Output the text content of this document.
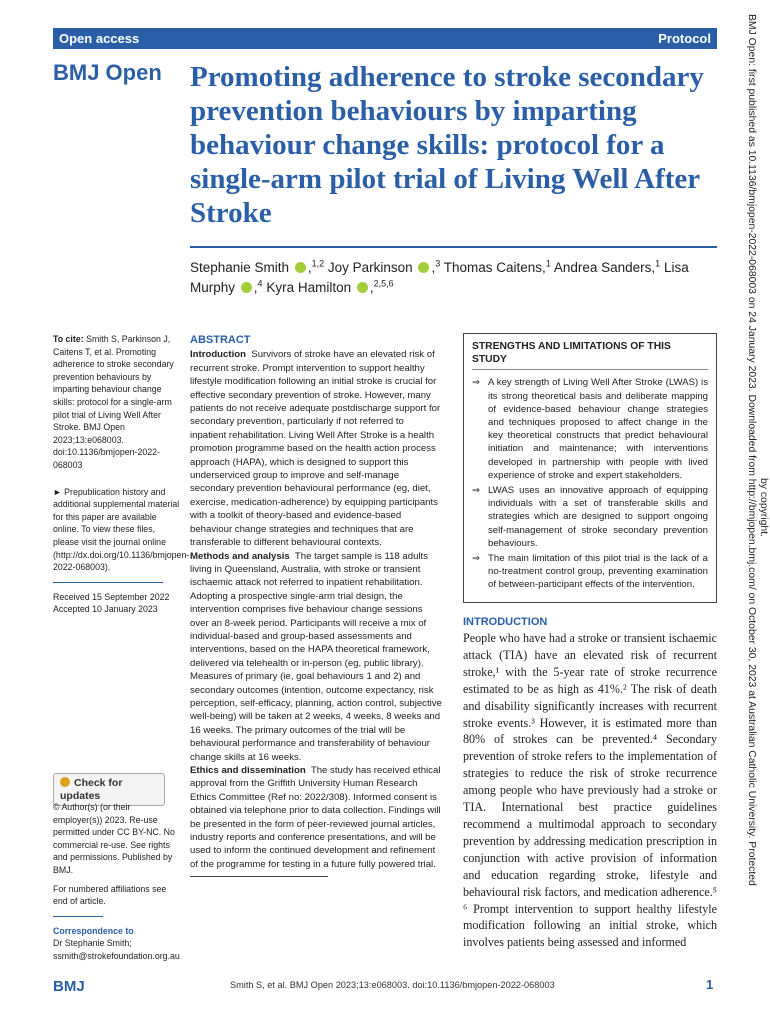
Open access	Protocol
BMJ Open Promoting adherence to stroke secondary prevention behaviours by imparting behaviour change skills: protocol for a single-arm pilot trial of Living Well After Stroke
Stephanie Smith ,$^{1,2}$ Joy Parkinson ,$^3$ Thomas Caitens,$^1$ Andrea Sanders,$^1$ Lisa Murphy ,$^4$ Kyra Hamilton ,$^{2,5,6}$

To cite: Smith S, Parkinson J, Caitens T, et al. Promoting adherence to stroke secondary prevention behaviours by imparting behaviour change skills: protocol for a single-arm pilot trial of Living Well After Stroke. BMJ Open 2023;13:e068003. doi:10.1136/bmjopen-2022-068003

► Prepublication history and additional supplemental material for this paper are available online. To view these files, please visit the journal online (http://dx.doi.org/10.1136/bmjopen-2022-068003).

Received 15 September 2022

Accepted 10 January 2023

Check for updates

© Author(s) (or their employer(s)) 2023. Re-use permitted under CC BY-NC. No commercial re-use. See rights and permissions. Published by BMJ.

For numbered affiliations see end of article.

Correspondence to

Dr Stephanie Smith;

ssmith@strokefoundation.org.au

ABSTRACT

Introduction Survivors of stroke have an elevated risk of recurrent stroke. Prompt intervention to support healthy lifestyle modification following an initial stroke is crucial for effective secondary prevention of stroke. However, many patients do not receive adequate postdischarge support for secondary prevention, particularly if not referred to inpatient rehabilitation. Living Well After Stroke is a health promotion programme based on the health action process approach (HAPA), which is designed to support this underserviced group to improve and self-manage secondary prevention behavioural performance (eg, diet, exercise, medication-adherence) by equipping participants with a toolkit of theory-based and evidence-based behaviour change strategies and techniques that are transferable to different behavioural contexts.

Methods and analysis The target sample is 118 adults living in Queensland, Australia, with stroke or transient ischaemic attack not referred to inpatient rehabilitation. Adopting a prospective single-arm trial design, the intervention comprises five behaviour change sessions over an 8-week period. Participants will receive a mix of individual-based and group-based assessments and interventions, based on the HAPA theoretical framework, delivered via telehealth or in-person (eg, public library). Measures of primary (ie, goal behaviours 1 and 2) and secondary outcomes (intention, outcome expectancy, risk perception, self-efficacy, planning, action control, subjective well-being) will be taken at 2 weeks, 4 weeks, 8 weeks and 16 weeks. The primary outcomes of the trial will be behavioural performance and transferability of behaviour change skills at 16 weeks.

Ethics and dissemination The study has received ethical approval from the Griffith University Human Research Ethics Committee (Ref no: 2022/308). Informed consent is obtained via telephone prior to data collection. Findings will be presented in the form of peer-reviewed journal articles, industry reports and conference presentations, and will be used to inform the continued development and refinement of the programme for testing in a future fully powered trial.

STRENGTHS AND LIMITATIONS OF THIS STUDY
⇒ A key strength of Living Well After Stroke (LWAS) is its strong theoretical basis and deliberate mapping of evidence-based behaviour change strategies and techniques proposed to affect change in the key theoretical constructs that predict behavioural initiation and maintenance; with interventions developed in partnership with people with lived experience of stroke and expert stakeholders.
⇒ LWAS uses an innovative approach of equipping individuals with a set of transferable skills and strategies which are designed to support ongoing self-management of stroke secondary prevention behaviours.
⇒ The main limitation of this pilot trial is the lack of a no-treatment control group, preventing examination of between-participant effects of the intervention.
INTRODUCTION

People who have had a stroke or transient ischaemic attack (TIA) have an elevated risk of recurrent stroke,¹ with the 5-year rate of stroke recurrence estimated to be as high as 41%.² The risk of death and disability significantly increases with recurrent stroke events.³ However, it is estimated more than 80% of strokes can be prevented.⁴ Secondary prevention of stroke refers to the implementation of strategies to reduce the risk of stroke recurrence among people who have previously had a stroke or TIA. International best practice guidelines recommend a multimodal approach to secondary prevention by addressing medication prescription in conjunction with active provision of information and education regarding stroke, lifestyle and behavioural risk factors, and medication adherence.⁵ ⁶ Prompt intervention to support healthy lifestyle modification following an initial stroke, which involves patients being assessed and informed

BMJ	Smith S, et al. BMJ Open 2023;13:e068003. doi:10.1136/bmjopen-2022-068003	1
BMJ Open: first published as 10.1136/bmjopen-2022-068003 on 24 January 2023. Downloaded from http://bmjopen.bmj.com/ on October 30, 2023 at Australian Catholic University. Protected by copyright.
